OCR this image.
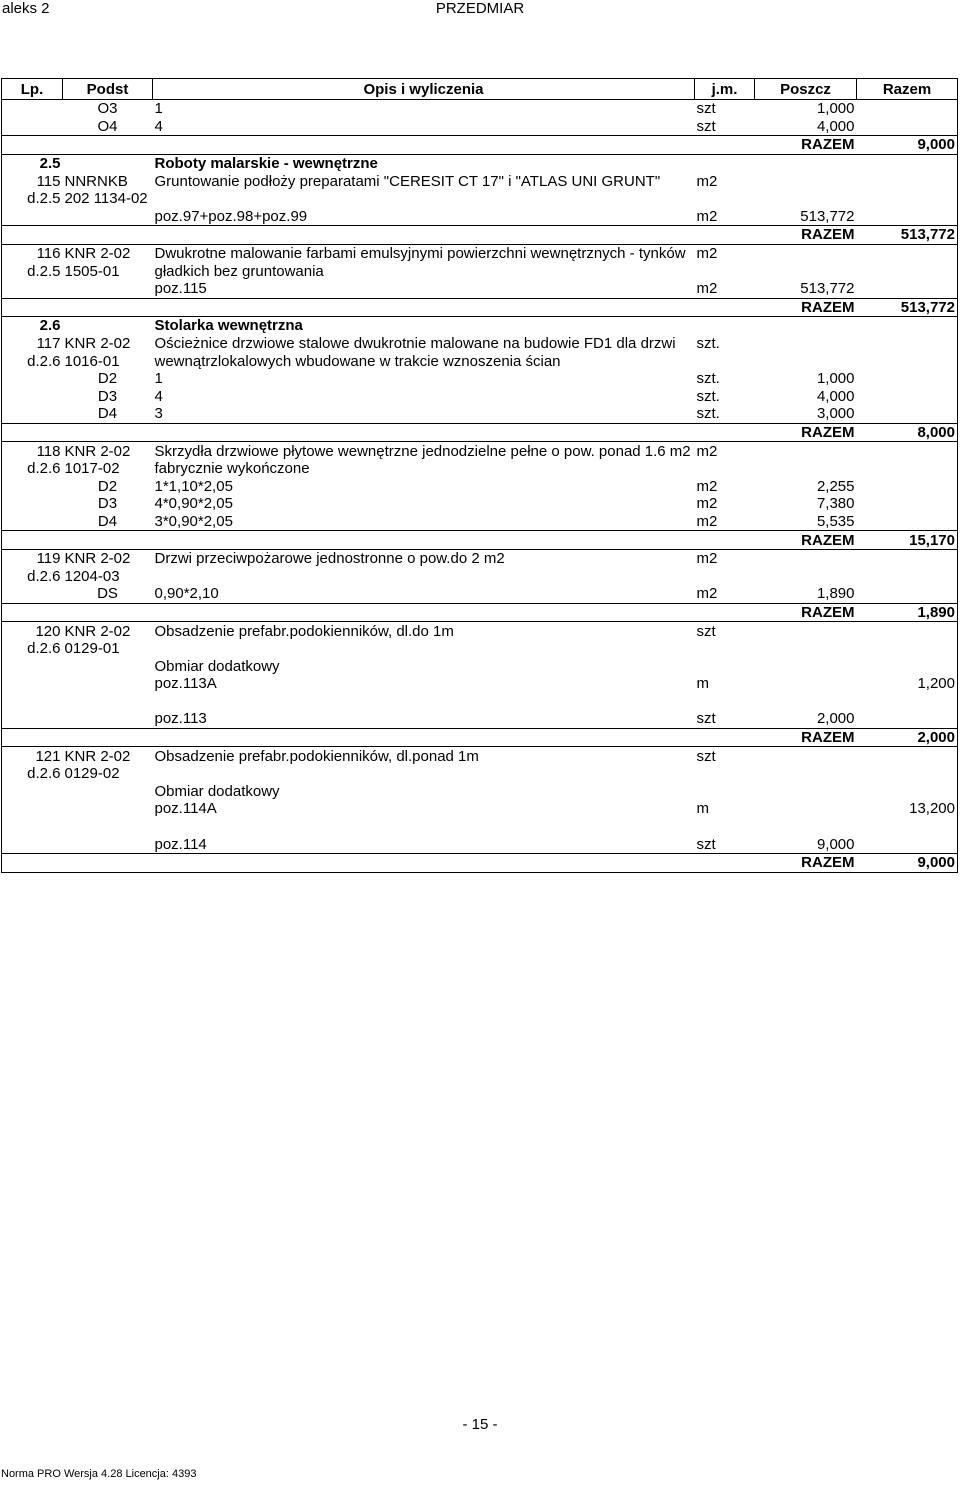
aleks 2	PRZEDMIAR
Lp.	Podst	Opis i wyliczenia	j.m.	Poszcz	Razem
	O3	1	szt	1,000	
	O4	4	szt	4,000	
				RAZEM	9,000
2.5		Roboty malarskie - wewnętrzne			
115	NNRNKB	Gruntowanie podłoży preparatami "CERESIT CT 17" i "ATLAS UNI GRUNT"	m2		
d.2.5	202 1134-02				
		poz.97+poz.98+poz.99	m2	513,772	
				RAZEM	513,772
116	KNR 2-02	Dwukrotne malowanie farbami emulsyjnymi powierzchni wewnętrznych - tynków	m2		
d.2.5	1505-01	gładkich bez gruntowania			
		poz.115	m2	513,772	
				RAZEM	513,772
2.6		Stolarka wewnętrzna			
117	KNR 2-02	Ościeżnice drzwiowe stalowe dwukrotnie malowane na budowie FD1 dla drzwi	szt.		
d.2.6	1016-01	wewnątrzlokalowych wbudowane w trakcie wznoszenia ścian			
	D2	1	szt.	1,000	
	D3	4	szt.	4,000	
	D4	3	szt.	3,000	
				RAZEM	8,000
118	KNR 2-02	Skrzydła drzwiowe płytowe wewnętrzne jednodzielne pełne o pow. ponad 1.6 m2	m2		
d.2.6	1017-02	fabrycznie wykończone			
	D2	1*1,10*2,05	m2	2,255	
	D3	4*0,90*2,05	m2	7,380	
	D4	3*0,90*2,05	m2	5,535	
				RAZEM	15,170
119	KNR 2-02	Drzwi przeciwpożarowe jednostronne o pow.do 2 m2	m2		
d.2.6	1204-03				
	DS	0,90*2,10	m2	1,890	
				RAZEM	1,890
120	KNR 2-02	Obsadzenie prefabr.podokienników, dl.do 1m	szt		
d.2.6	0129-01				
		Obmiar dodatkowy			
		poz.113A	m		1,200

		poz.113	szt	2,000	
				RAZEM	2,000
121	KNR 2-02	Obsadzenie prefabr.podokienników, dl.ponad 1m	szt		
d.2.6	0129-02				
		Obmiar dodatkowy			
		poz.114A	m		13,200

		poz.114	szt	9,000	
				RAZEM	9,000
- 15 -
Norma PRO Wersja 4.28 Licencja: 4393
